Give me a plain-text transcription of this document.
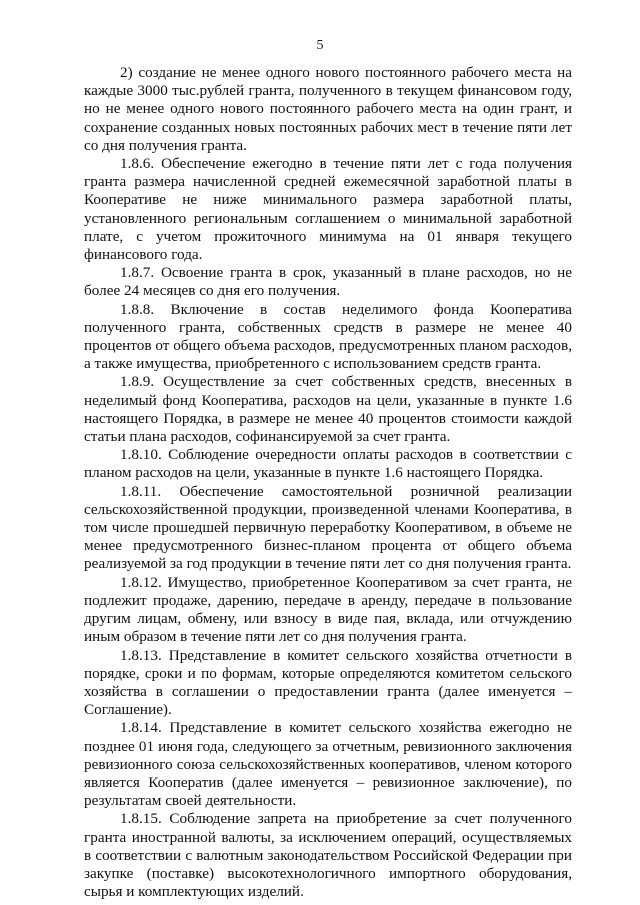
5

2) создание не менее одного нового постоянного рабочего места на каждые 3000 тыс.рублей гранта, полученного в текущем финансовом году, но не менее одного нового постоянного рабочего места на один грант, и сохранение созданных новых постоянных рабочих мест в течение пяти лет со дня получения гранта.

1.8.6. Обеспечение ежегодно в течение пяти лет с года получения гранта размера начисленной средней ежемесячной заработной платы в Кооперативе не ниже минимального размера заработной платы, установленного региональным соглашением о минимальной заработной плате, с учетом прожиточного минимума на 01 января текущего финансового года.

1.8.7. Освоение гранта в срок, указанный в плане расходов, но не более 24 месяцев со дня его получения.

1.8.8. Включение в состав неделимого фонда Кооператива полученного гранта, собственных средств в размере не менее 40 процентов от общего объема расходов, предусмотренных планом расходов, а также имущества, приобретенного с использованием средств гранта.

1.8.9. Осуществление за счет собственных средств, внесенных в неделимый фонд Кооператива, расходов на цели, указанные в пункте 1.6 настоящего Порядка, в размере не менее 40 процентов стоимости каждой статьи плана расходов, софинансируемой за счет гранта.

1.8.10. Соблюдение очередности оплаты расходов в соответствии с планом расходов на цели, указанные в пункте 1.6 настоящего Порядка.

1.8.11. Обеспечение самостоятельной розничной реализации сельскохозяйственной продукции, произведенной членами Кооператива, в том числе прошедшей первичную переработку Кооперативом, в объеме не менее предусмотренного бизнес-планом процента от общего объема реализуемой за год продукции в течение пяти лет со дня получения гранта.

1.8.12. Имущество, приобретенное Кооперативом за счет гранта, не подлежит продаже, дарению, передаче в аренду, передаче в пользование другим лицам, обмену, или взносу в виде пая, вклада, или отчуждению иным образом в течение пяти лет со дня получения гранта.

1.8.13. Представление в комитет сельского хозяйства отчетности в порядке, сроки и по формам, которые определяются комитетом сельского хозяйства в соглашении о предоставлении гранта (далее именуется – Соглашение).

1.8.14. Представление в комитет сельского хозяйства ежегодно не позднее 01 июня года, следующего за отчетным, ревизионного заключения ревизионного союза сельскохозяйственных кооперативов, членом которого является Кооператив (далее именуется – ревизионное заключение), по результатам своей деятельности.

1.8.15. Соблюдение запрета на приобретение за счет полученного гранта иностранной валюты, за исключением операций, осуществляемых в соответствии с валютным законодательством Российской Федерации при закупке (поставке) высокотехнологичного импортного оборудования, сырья и комплектующих изделий.
